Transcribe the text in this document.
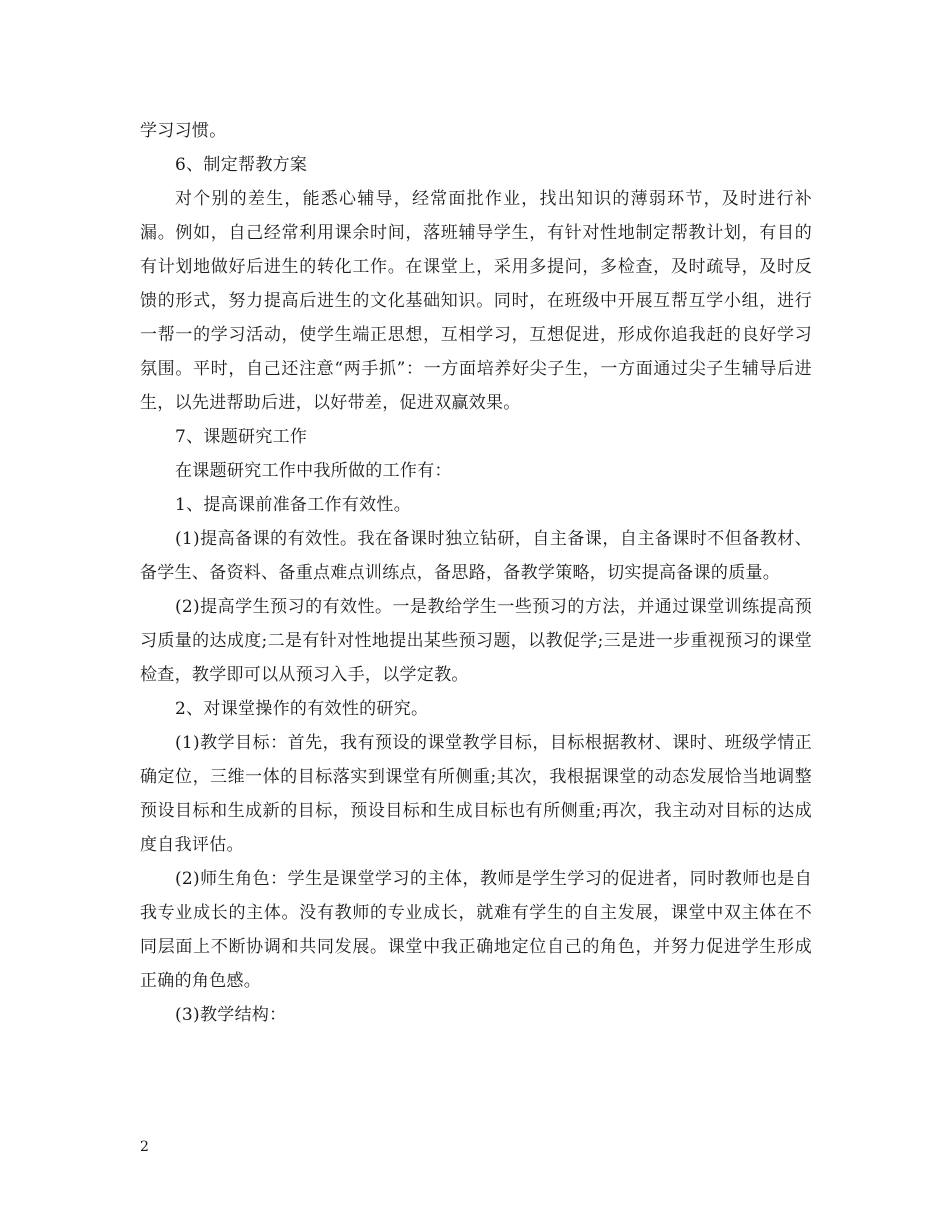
学习习惯。

6、制定帮教方案

对个别的差生，能悉心辅导，经常面批作业，找出知识的薄弱环节，及时进行补漏。例如，自己经常利用课余时间，落班辅导学生，有针对性地制定帮教计划，有目的有计划地做好后进生的转化工作。在课堂上，采用多提问，多检查，及时疏导，及时反馈的形式，努力提高后进生的文化基础知识。同时，在班级中开展互帮互学小组，进行一帮一的学习活动，使学生端正思想，互相学习，互想促进，形成你追我赶的良好学习氛围。平时，自己还注意“两手抓”：一方面培养好尖子生，一方面通过尖子生辅导后进生，以先进帮助后进，以好带差，促进双赢效果。

7、课题研究工作

在课题研究工作中我所做的工作有：

1、提高课前准备工作有效性。

(1)提高备课的有效性。我在备课时独立钻研，自主备课，自主备课时不但备教材、备学生、备资料、备重点难点训练点，备思路，备教学策略，切实提高备课的质量。

(2)提高学生预习的有效性。一是教给学生一些预习的方法，并通过课堂训练提高预习质量的达成度;二是有针对性地提出某些预习题，以教促学;三是进一步重视预习的课堂检查，教学即可以从预习入手，以学定教。

2、对课堂操作的有效性的研究。

(1)教学目标：首先，我有预设的课堂教学目标，目标根据教材、课时、班级学情正确定位，三维一体的目标落实到课堂有所侧重;其次，我根据课堂的动态发展恰当地调整预设目标和生成新的目标，预设目标和生成目标也有所侧重;再次，我主动对目标的达成度自我评估。

(2)师生角色：学生是课堂学习的主体，教师是学生学习的促进者，同时教师也是自我专业成长的主体。没有教师的专业成长，就难有学生的自主发展，课堂中双主体在不同层面上不断协调和共同发展。课堂中我正确地定位自己的角色，并努力促进学生形成正确的角色感。

(3)教学结构：

2
